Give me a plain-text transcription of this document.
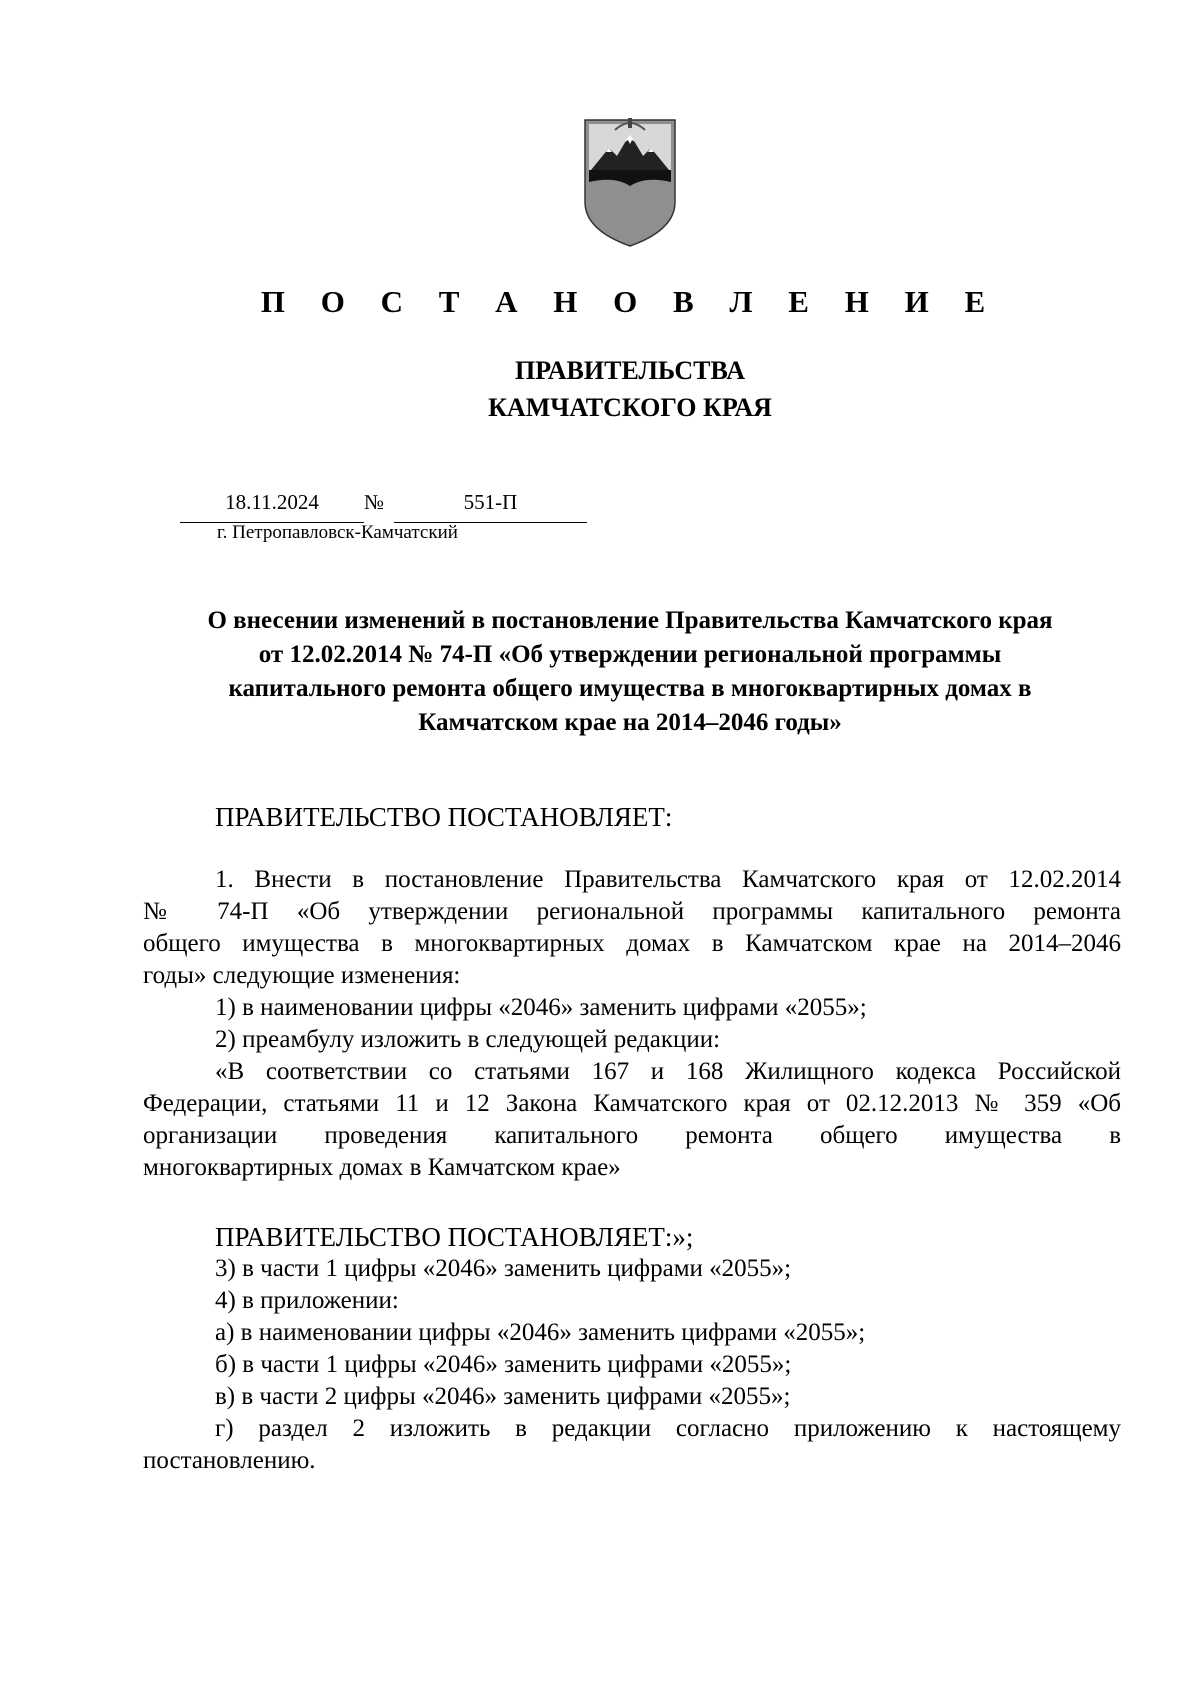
П О С Т А Н О В Л Е Н И Е
ПРАВИТЕЛЬСТВА
КАМЧАТСКОГО КРАЯ
18.11.2024	№	551-П
г. Петропавловск-Камчатский
О внесении изменений в постановление Правительства Камчатского края
от 12.02.2014 № 74-П «Об утверждении региональной программы
капитального ремонта общего имущества в многоквартирных домах в
Камчатском крае на 2014–2046 годы»

ПРАВИТЕЛЬСТВО ПОСТАНОВЛЯЕТ:

1. Внести в постановление Правительства Камчатского края от 12.02.2014
№ 74-П «Об утверждении региональной программы капитального ремонта
общего имущества в многоквартирных домах в Камчатском крае на 2014–2046
годы» следующие изменения:

1) в наименовании цифры «2046» заменить цифрами «2055»;

2) преамбулу изложить в следующей редакции:

«В соответствии со статьями 167 и 168 Жилищного кодекса Российской
Федерации, статьями 11 и 12 Закона Камчатского края от 02.12.2013 № 359 «Об
организации проведения капитального ремонта общего имущества в
многоквартирных домах в Камчатском крае»

ПРАВИТЕЛЬСТВО ПОСТАНОВЛЯЕТ:»;

3) в части 1 цифры «2046» заменить цифрами «2055»;

4) в приложении:

а) в наименовании цифры «2046» заменить цифрами «2055»;

б) в части 1 цифры «2046» заменить цифрами «2055»;

в) в части 2 цифры «2046» заменить цифрами «2055»;

г) раздел 2 изложить в редакции согласно приложению к настоящему
постановлению.
